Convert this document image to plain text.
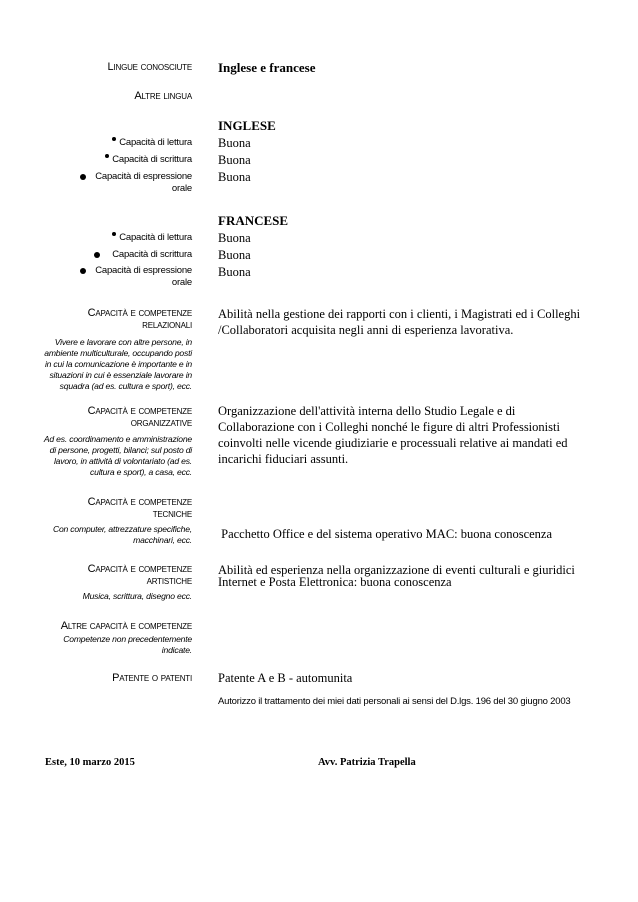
Lingue conosciute Inglese e francese
Altre lingua
INGLESE
Capacità di lettura Buona
Capacità di scrittura Buona
Capacità di espressione
orale
Buona
FRANCESE
Capacità di lettura Buona
Capacità di scrittura Buona
Capacità di espressione
orale
Buona
Capacità e competenze
relazionali
Vivere e lavorare con altre persone, in
ambiente multiculturale, occupando posti
in cui la comunicazione è importante e in
situazioni in cui è essenziale lavorare in
squadra (ad es. cultura e sport), ecc.
Abilità nella gestione dei rapporti con i clienti, i Magistrati ed i Colleghi
/Collaboratori acquisita negli anni di esperienza lavorativa.
Capacità e competenze
organizzative
Ad es. coordinamento e amministrazione
di persone, progetti, bilanci; sul posto di
lavoro, in attività di volontariato (ad es.
cultura e sport), a casa, ecc.
Organizzazione dell'attività interna dello Studio Legale e di
Collaborazione con i Colleghi nonché le figure di altri Professionisti
coinvolti nelle vicende giudiziarie e processuali relative ai mandati ed
incarichi fiduciari assunti.
Capacità e competenze
tecniche
Con computer, attrezzature specifiche,
macchinari, ecc.

Pacchetto Office e del sistema operativo MAC: buona conoscenza

Internet e Posta Elettronica: buona conoscenza

Capacità e competenze
artistiche
Musica, scrittura, disegno ecc.
Abilità ed esperienza nella organizzazione di eventi culturali e giuridici
Altre capacità e competenze
Competenze non precedentemente
indicate.
Patente o patenti Patente A e B - automunita
Autorizzo il trattamento dei miei dati personali ai sensi del D.lgs. 196 del 30 giugno 2003
Este, 10 marzo 2015	Avv. Patrizia Trapella
